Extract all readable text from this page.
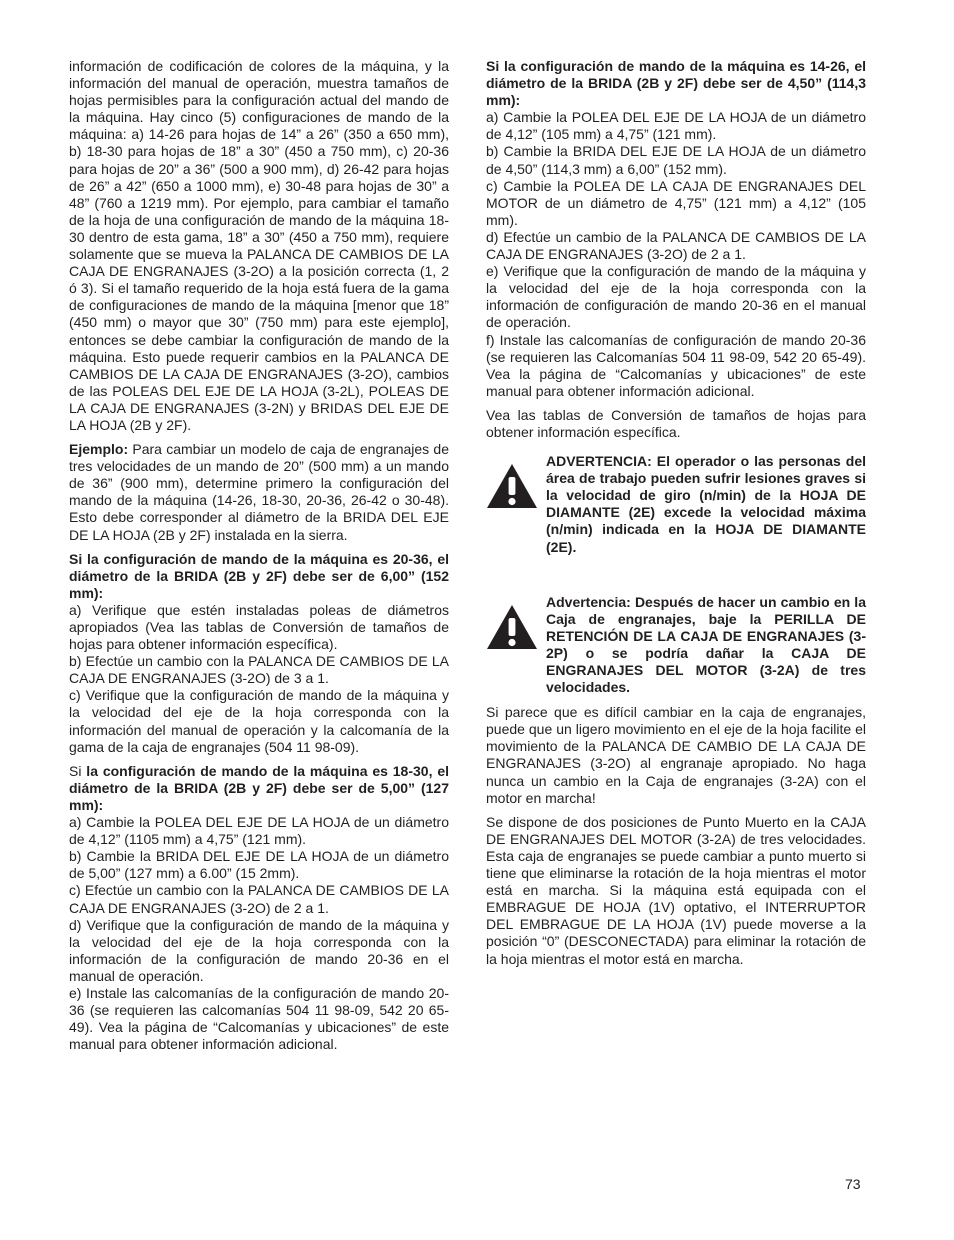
información de codificación de colores de la máquina, y la información del manual de operación, muestra tamaños de hojas permisibles para la configuración actual del mando de la máquina. Hay cinco (5) configuraciones de mando de la máquina: a) 14-26 para hojas de 14” a 26” (350 a 650 mm), b) 18-30 para hojas de 18” a 30” (450 a 750 mm), c) 20-36 para hojas de 20” a 36” (500 a 900 mm), d) 26-42 para hojas de 26” a 42” (650 a 1000 mm), e) 30-48 para hojas de 30” a 48” (760 a 1219 mm). Por ejemplo, para cambiar el tamaño de la hoja de una configuración de mando de la máquina 18-30 dentro de esta gama, 18” a 30” (450 a 750 mm), requiere solamente que se mueva la PALANCA DE CAMBIOS DE LA CAJA DE ENGRANAJES (3-2O) a la posición correcta (1, 2 ó 3). Si el tamaño requerido de la hoja está fuera de la gama de configuraciones de mando de la máquina [menor que 18” (450 mm) o mayor que 30” (750 mm) para este ejemplo], entonces se debe cambiar la configuración de mando de la máquina. Esto puede requerir cambios en la PALANCA DE CAMBIOS DE LA CAJA DE ENGRANAJES (3-2O), cambios de las POLEAS DEL EJE DE LA HOJA (3-2L), POLEAS DE LA CAJA DE ENGRANAJES (3-2N) y BRIDAS DEL EJE DE LA HOJA (2B y 2F).

Ejemplo: Para cambiar un modelo de caja de engranajes de tres velocidades de un mando de 20” (500 mm) a un mando de 36” (900 mm), determine primero la configuración del mando de la máquina (14-26, 18-30, 20-36, 26-42 o 30-48). Esto debe corresponder al diámetro de la BRIDA DEL EJE DE LA HOJA (2B y 2F) instalada en la sierra.

Si la configuración de mando de la máquina es 20-36, el diámetro de la BRIDA (2B y 2F) debe ser de 6,00” (152 mm):

a) Verifique que estén instaladas poleas de diámetros apropiados (Vea las tablas de Conversión de tamaños de hojas para obtener información específica).

b) Efectúe un cambio con la PALANCA DE CAMBIOS DE LA CAJA DE ENGRANAJES (3-2O) de 3 a 1.

c) Verifique que la configuración de mando de la máquina y la velocidad del eje de la hoja corresponda con la información del manual de operación y la calcomanía de la gama de la caja de engranajes (504 11 98-09).

Si la configuración de mando de la máquina es 18-30, el diámetro de la BRIDA (2B y 2F) debe ser de 5,00” (127 mm):

a) Cambie la POLEA DEL EJE DE LA HOJA de un diámetro de 4,12” (1105 mm) a 4,75” (121 mm).

b) Cambie la BRIDA DEL EJE DE LA HOJA de un diámetro de 5,00” (127 mm) a 6.00” (15 2mm).

c) Efectúe un cambio con la PALANCA DE CAMBIOS DE LA CAJA DE ENGRANAJES (3-2O) de 2 a 1.

d) Verifique que la configuración de mando de la máquina y la velocidad del eje de la hoja corresponda con la información de la configuración de mando 20-36 en el manual de operación.

e) Instale las calcomanías de la configuración de mando 20-36 (se requieren las calcomanías 504 11 98-09, 542 20 65-49). Vea la página de “Calcomanías y ubicaciones” de este manual para obtener información adicional.

Si la configuración de mando de la máquina es 14-26, el diámetro de la BRIDA (2B y 2F) debe ser de 4,50” (114,3 mm):

a) Cambie la POLEA DEL EJE DE LA HOJA de un diámetro de 4,12” (105 mm) a 4,75” (121 mm).

b) Cambie la BRIDA DEL EJE DE LA HOJA de un diámetro de 4,50” (114,3 mm) a 6,00” (152 mm).

c) Cambie la POLEA DE LA CAJA DE ENGRANAJES DEL MOTOR de un diámetro de 4,75” (121 mm) a 4,12” (105 mm).

d) Efectúe un cambio de la PALANCA DE CAMBIOS DE LA CAJA DE ENGRANAJES (3-2O) de 2 a 1.

e) Verifique que la configuración de mando de la máquina y la velocidad del eje de la hoja corresponda con la información de configuración de mando 20-36 en el manual de operación.

f) Instale las calcomanías de configuración de mando 20-36 (se requieren las Calcomanías 504 11 98-09, 542 20 65-49). Vea la página de “Calcomanías y ubicaciones” de este manual para obtener información adicional.

Vea las tablas de Conversión de tamaños de hojas para obtener información específica.

ADVERTENCIA: El operador o las personas del área de trabajo pueden sufrir lesiones graves si la velocidad de giro (n/min) de la HOJA DE DIAMANTE (2E) excede la velocidad máxima (n/min) indicada en la HOJA DE DIAMANTE (2E).
Advertencia: Después de hacer un cambio en la Caja de engranajes, baje la PERILLA DE RETENCIÓN DE LA CAJA DE ENGRANAJES (3-2P) o se podría dañar la CAJA DE ENGRANAJES DEL MOTOR (3-2A) de tres velocidades.

Si parece que es difícil cambiar en la caja de engranajes, puede que un ligero movimiento en el eje de la hoja facilite el movimiento de la PALANCA DE CAMBIO DE LA CAJA DE ENGRANAJES (3-2O) al engranaje apropiado. No haga nunca un cambio en la Caja de engranajes (3-2A) con el motor en marcha!

Se dispone de dos posiciones de Punto Muerto en la CAJA DE ENGRANAJES DEL MOTOR (3-2A) de tres velocidades. Esta caja de engranajes se puede cambiar a punto muerto si tiene que eliminarse la rotación de la hoja mientras el motor está en marcha. Si la máquina está equipada con el EMBRAGUE DE HOJA (1V) optativo, el INTERRUPTOR DEL EMBRAGUE DE LA HOJA (1V) puede moverse a la posición “0” (DESCONECTADA) para eliminar la rotación de la hoja mientras el motor está en marcha.

73
